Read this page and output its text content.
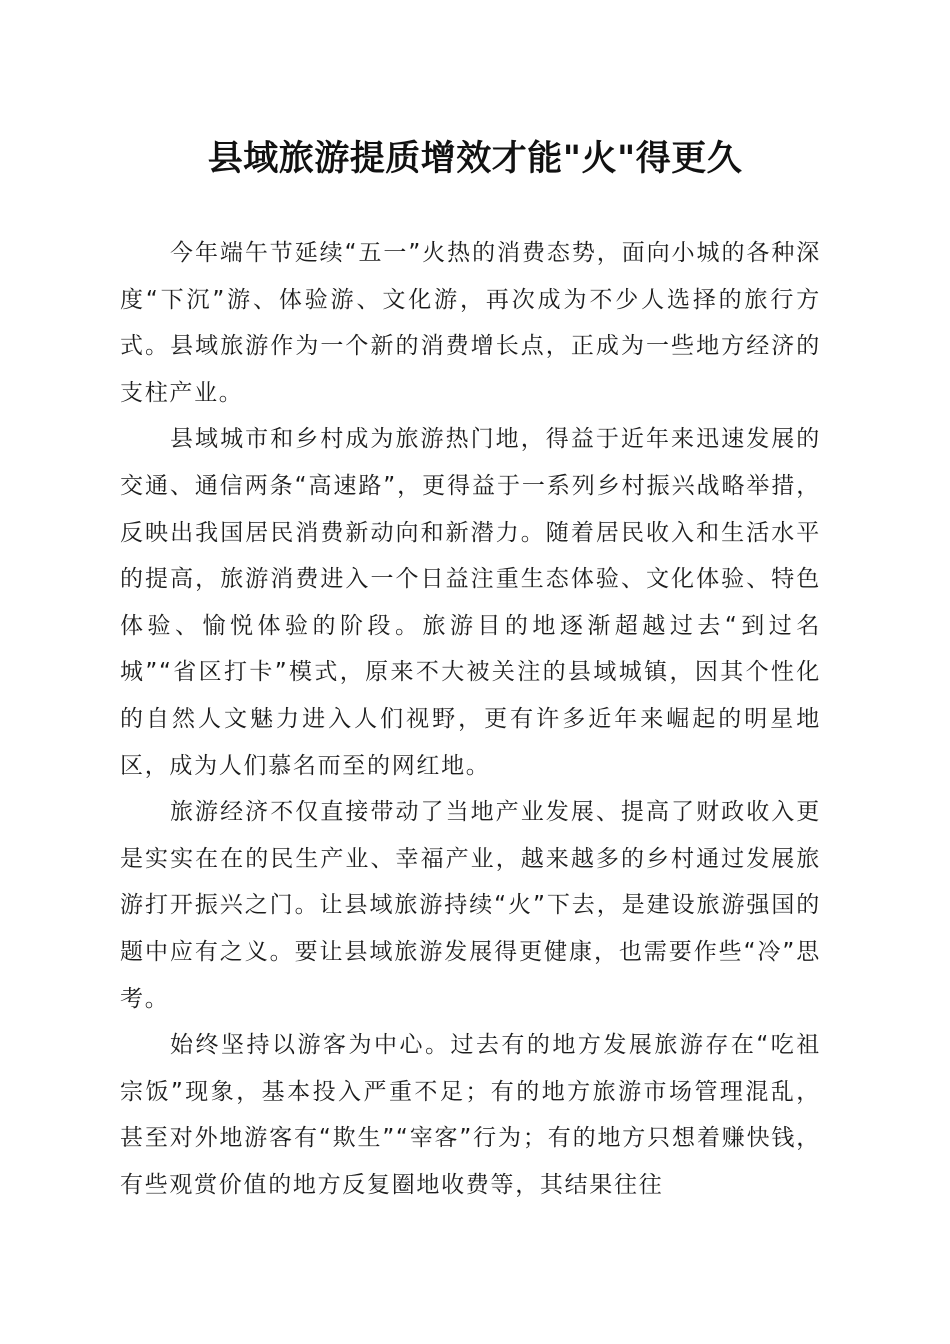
县域旅游提质增效才能"火"得更久

今年端午节延续“五一”火热的消费态势，面向小城的各种深度“下沉”游、体验游、文化游，再次成为不少人选择的旅行方式。县域旅游作为一个新的消费增长点，正成为一些地方经济的支柱产业。

县域城市和乡村成为旅游热门地，得益于近年来迅速发展的交通、通信两条“高速路”，更得益于一系列乡村振兴战略举措，反映出我国居民消费新动向和新潜力。随着居民收入和生活水平的提高，旅游消费进入一个日益注重生态体验、文化体验、特色体验、愉悦体验的阶段。旅游目的地逐渐超越过去“到过名城”“省区打卡”模式，原来不大被关注的县域城镇，因其个性化的自然人文魅力进入人们视野，更有许多近年来崛起的明星地区，成为人们慕名而至的网红地。

旅游经济不仅直接带动了当地产业发展、提高了财政收入更是实实在在的民生产业、幸福产业，越来越多的乡村通过发展旅游打开振兴之门。让县域旅游持续“火”下去，是建设旅游强国的题中应有之义。要让县域旅游发展得更健康，也需要作些“冷”思考。

始终坚持以游客为中心。过去有的地方发展旅游存在“吃祖宗饭”现象，基本投入严重不足；有的地方旅游市场管理混乱，甚至对外地游客有“欺生”“宰客”行为；有的地方只想着赚快钱，有些观赏价值的地方反复圈地收费等，其结果往往
